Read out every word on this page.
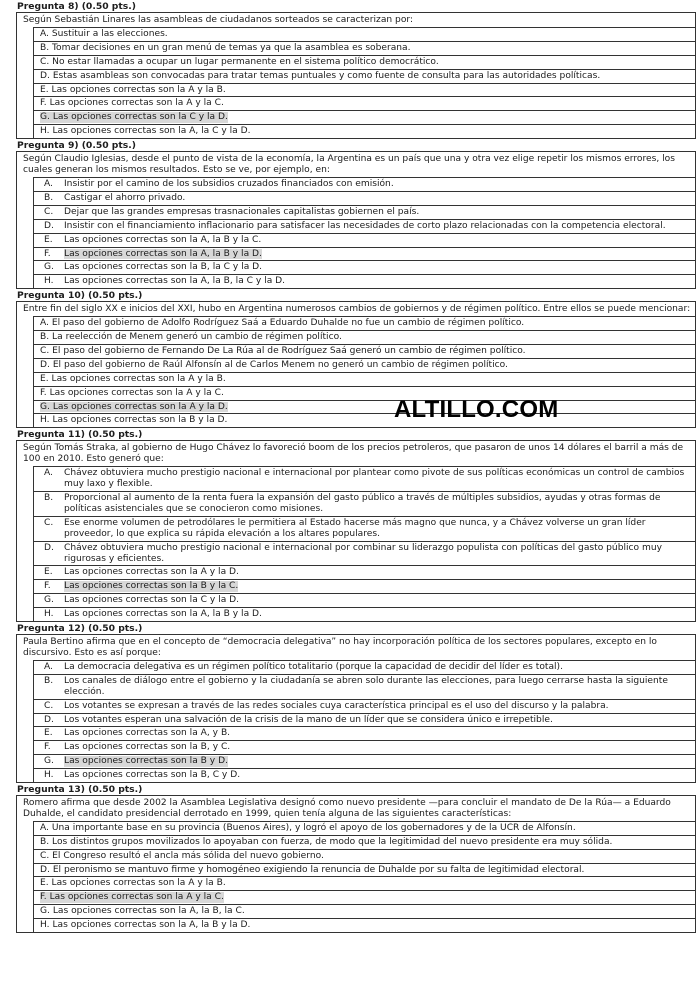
Pregunta 8) (0.50 pts.)
Según Sebastián Linares las asambleas de ciudadanos sorteados se caracterizan por:
A. Sustituir a las elecciones.
B. Tomar decisiones en un gran menú de temas ya que la asamblea es soberana.
C. No estar llamadas a ocupar un lugar permanente en el sistema político democrático.
D. Estas asambleas son convocadas para tratar temas puntuales y como fuente de consulta para las autoridades políticas.
E. Las opciones correctas son la A y la B.
F. Las opciones correctas son la A y la C.
G. Las opciones correctas son la C y la D.
H. Las opciones correctas son la A, la C y la D.
Pregunta 9) (0.50 pts.)
Según Claudio Iglesias, desde el punto de vista de la economía, la Argentina es un país que una y otra vez elige repetir los mismos errores, los cuales generan los mismos resultados. Esto se ve, por ejemplo, en:
A.	Insistir por el camino de los subsidios cruzados financiados con emisión.
B.	Castigar el ahorro privado.
C.	Dejar que las grandes empresas trasnacionales capitalistas gobiernen el país.
D.	Insistir con el financiamiento inflacionario para satisfacer las necesidades de corto plazo relacionadas con la competencia electoral.
E.	Las opciones correctas son la A, la B y la C.
F.	Las opciones correctas son la A, la B y la D.
G.	Las opciones correctas son la B, la C y la D.
H.	Las opciones correctas son la A, la B, la C y la D.
Pregunta 10) (0.50 pts.)
Entre fin del siglo XX e inicios del XXI, hubo en Argentina numerosos cambios de gobiernos y de régimen político. Entre ellos se puede mencionar:
A. El paso del gobierno de Adolfo Rodríguez Saá a Eduardo Duhalde no fue un cambio de régimen político.
B. La reelección de Menem generó un cambio de régimen político.
C. El paso del gobierno de Fernando De La Rúa al de Rodríguez Saá generó un cambio de régimen político.
D. El paso del gobierno de Raúl Alfonsín al de Carlos Menem no generó un cambio de régimen político.
E. Las opciones correctas son la A y la B.
F. Las opciones correctas son la A y la C.
G. Las opciones correctas son la A y la D.
H. Las opciones correctas son la B y la D.
Pregunta 11) (0.50 pts.)
Según Tomás Straka, al gobierno de Hugo Chávez lo favoreció boom de los precios petroleros, que pasaron de unos 14 dólares el barril a más de 100 en 2010. Esto generó que:
A.	Chávez obtuviera mucho prestigio nacional e internacional por plantear como pivote de sus políticas económicas un control de cambios muy laxo y flexible.
B.	Proporcional al aumento de la renta fuera la expansión del gasto público a través de múltiples subsidios, ayudas y otras formas de políticas asistenciales que se conocieron como misiones.
C.	Ese enorme volumen de petrodólares le permitiera al Estado hacerse más magno que nunca, y a Chávez volverse un gran líder proveedor, lo que explica su rápida elevación a los altares populares.
D.	Chávez obtuviera mucho prestigio nacional e internacional por combinar su liderazgo populista con políticas del gasto público muy rigurosas y eficientes.
E.	Las opciones correctas son la A y la D.
F.	Las opciones correctas son la B y la C.
G.	Las opciones correctas son la C y la D.
H.	Las opciones correctas son la A, la B y la D.
Pregunta 12) (0.50 pts.)
Paula Bertino afirma que en el concepto de “democracia delegativa” no hay incorporación política de los sectores populares, excepto en lo discursivo. Esto es así porque:
A.	La democracia delegativa es un régimen político totalitario (porque la capacidad de decidir del líder es total).
B.	Los canales de diálogo entre el gobierno y la ciudadanía se abren solo durante las elecciones, para luego cerrarse hasta la siguiente elección.
C.	Los votantes se expresan a través de las redes sociales cuya característica principal es el uso del discurso y la palabra.
D.	Los votantes esperan una salvación de la crisis de la mano de un líder que se considera único e irrepetible.
E.	Las opciones correctas son la A, y B.
F.	Las opciones correctas son la B, y C.
G.	Las opciones correctas son la B y D.
H.	Las opciones correctas son la B, C y D.
Pregunta 13) (0.50 pts.)
Romero afirma que desde 2002 la Asamblea Legislativa designó como nuevo presidente —para concluir el mandato de De la Rúa— a Eduardo Duhalde, el candidato presidencial derrotado en 1999, quien tenía alguna de las siguientes características:
A. Una importante base en su provincia (Buenos Aires), y logró el apoyo de los gobernadores y de la UCR de Alfonsín.
B. Los distintos grupos movilizados lo apoyaban con fuerza, de modo que la legitimidad del nuevo presidente era muy sólida.
C. El Congreso resultó el ancla más sólida del nuevo gobierno.
D. El peronismo se mantuvo firme y homogéneo exigiendo la renuncia de Duhalde por su falta de legitimidad electoral.
E. Las opciones correctas son la A y la B.
F. Las opciones correctas son la A y la C.
G. Las opciones correctas son la A, la B, la C.
H. Las opciones correctas son la A, la B y la D.
ALTILLO.COM
